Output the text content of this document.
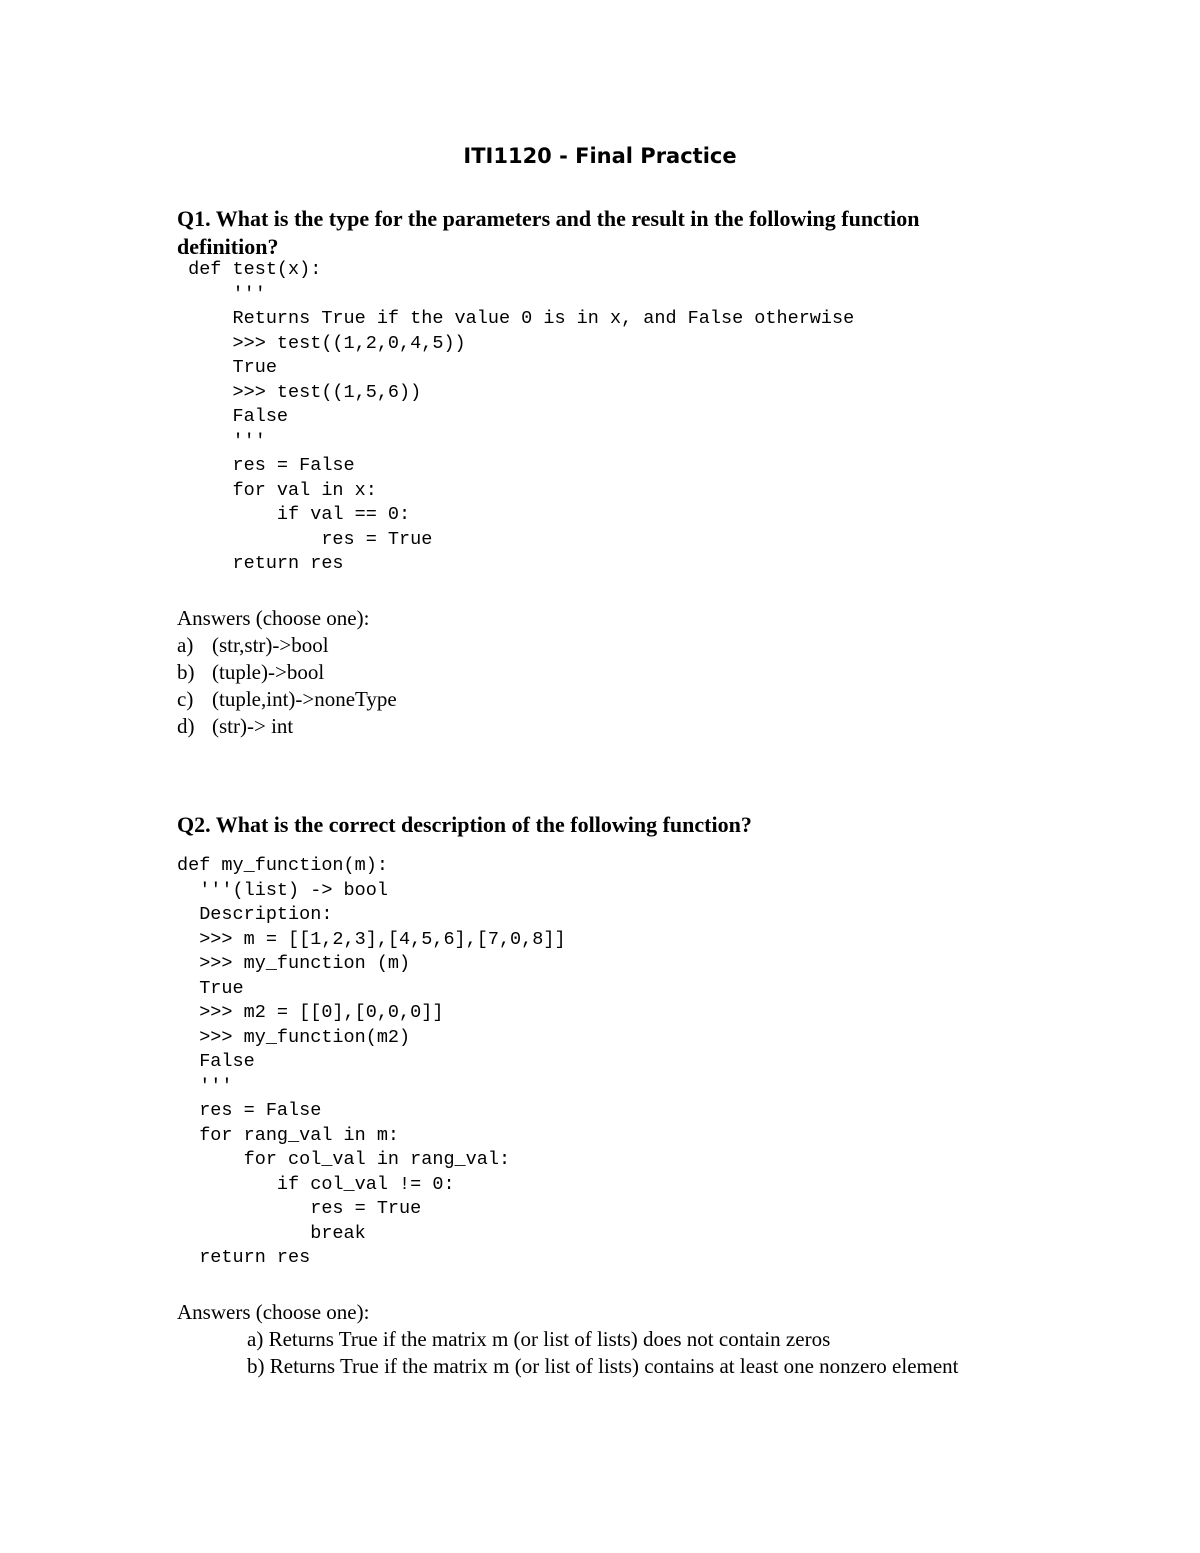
ITI1120 - Final Practice
Q1. What is the type for the parameters and the result in the following function definition?
def test(x):
'''
Returns True if the value 0 is in x, and False otherwise
>>> test((1,2,0,4,5))
True
>>> test((1,5,6))
False
'''
res = False
for val in x:
if val == 0:
res = True
return res
Answers (choose one):
a) (str,str)->bool
b) (tuple)->bool
c) (tuple,int)->noneType
d) (str)-> int
Q2. What is the correct description of the following function?
def my_function(m):
'''(list) -> bool
Description:
>>> m = [[1,2,3],[4,5,6],[7,0,8]]
>>> my_function (m)
True
>>> m2 = [[0],[0,0,0]]
>>> my_function(m2)
False
'''
res = False
for rang_val in m:
for col_val in rang_val:
if col_val != 0:
res = True
break
return res
Answers (choose one):
a) Returns True if the matrix m (or list of lists) does not contain zeros
b) Returns True if the matrix m (or list of lists) contains at least one nonzero element
